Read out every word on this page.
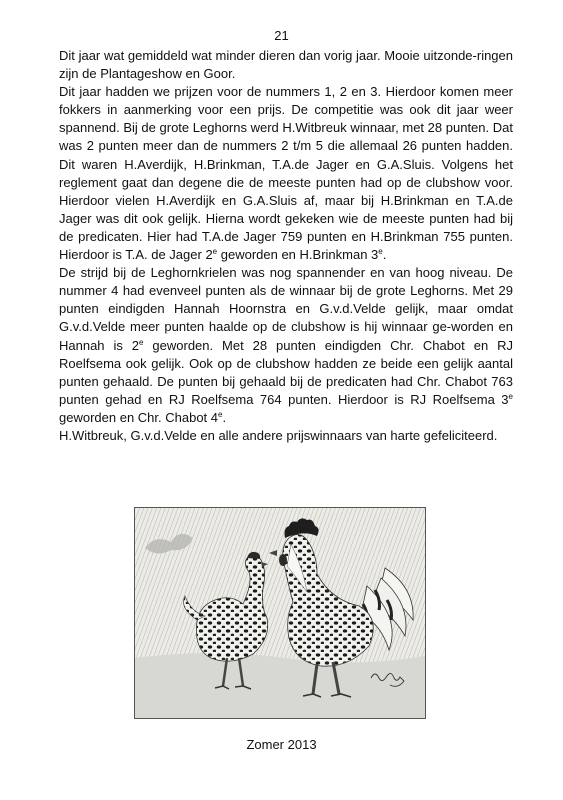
21

Dit jaar wat gemiddeld wat minder dieren dan vorig jaar. Mooie uitzonde-ringen zijn de Plantageshow en Goor.

Dit jaar hadden we prijzen voor de nummers 1, 2 en 3. Hierdoor komen meer fokkers in aanmerking voor een prijs. De competitie was ook dit jaar weer spannend. Bij de grote Leghorns werd H.Witbreuk winnaar, met 28 punten. Dat was 2 punten meer dan de nummers 2 t/m 5 die allemaal 26 punten hadden. Dit waren H.Averdijk, H.Brinkman, T.A.de Jager en G.A.Sluis. Volgens het reglement gaat dan degene die de meeste punten had op de clubshow voor. Hierdoor vielen H.Averdijk en G.A.Sluis af, maar bij H.Brinkman en T.A.de Jager was dit ook gelijk. Hierna wordt gekeken wie de meeste punten had bij de predicaten. Hier had T.A.de Jager 759 punten en H.Brinkman 755 punten. Hierdoor is T.A. de Jager 2e geworden en H.Brinkman 3e.

De strijd bij de Leghornkrielen was nog spannender en van hoog niveau. De nummer 4 had evenveel punten als de winnaar bij de grote Leghorns. Met 29 punten eindigden Hannah Hoornstra en G.v.d.Velde gelijk, maar omdat G.v.d.Velde meer punten haalde op de clubshow is hij winnaar ge-worden en Hannah is 2e geworden. Met 28 punten eindigden Chr. Chabot en RJ Roelfsema ook gelijk. Ook op de clubshow hadden ze beide een gelijk aantal punten gehaald. De punten bij gehaald bij de predicaten had Chr. Chabot 763 punten gehad en RJ Roelfsema 764 punten. Hierdoor is RJ Roelfsema 3e geworden en Chr. Chabot 4e.

H.Witbreuk, G.v.d.Velde en alle andere prijswinnaars van harte gefeliciteerd.

Zomer 2013
